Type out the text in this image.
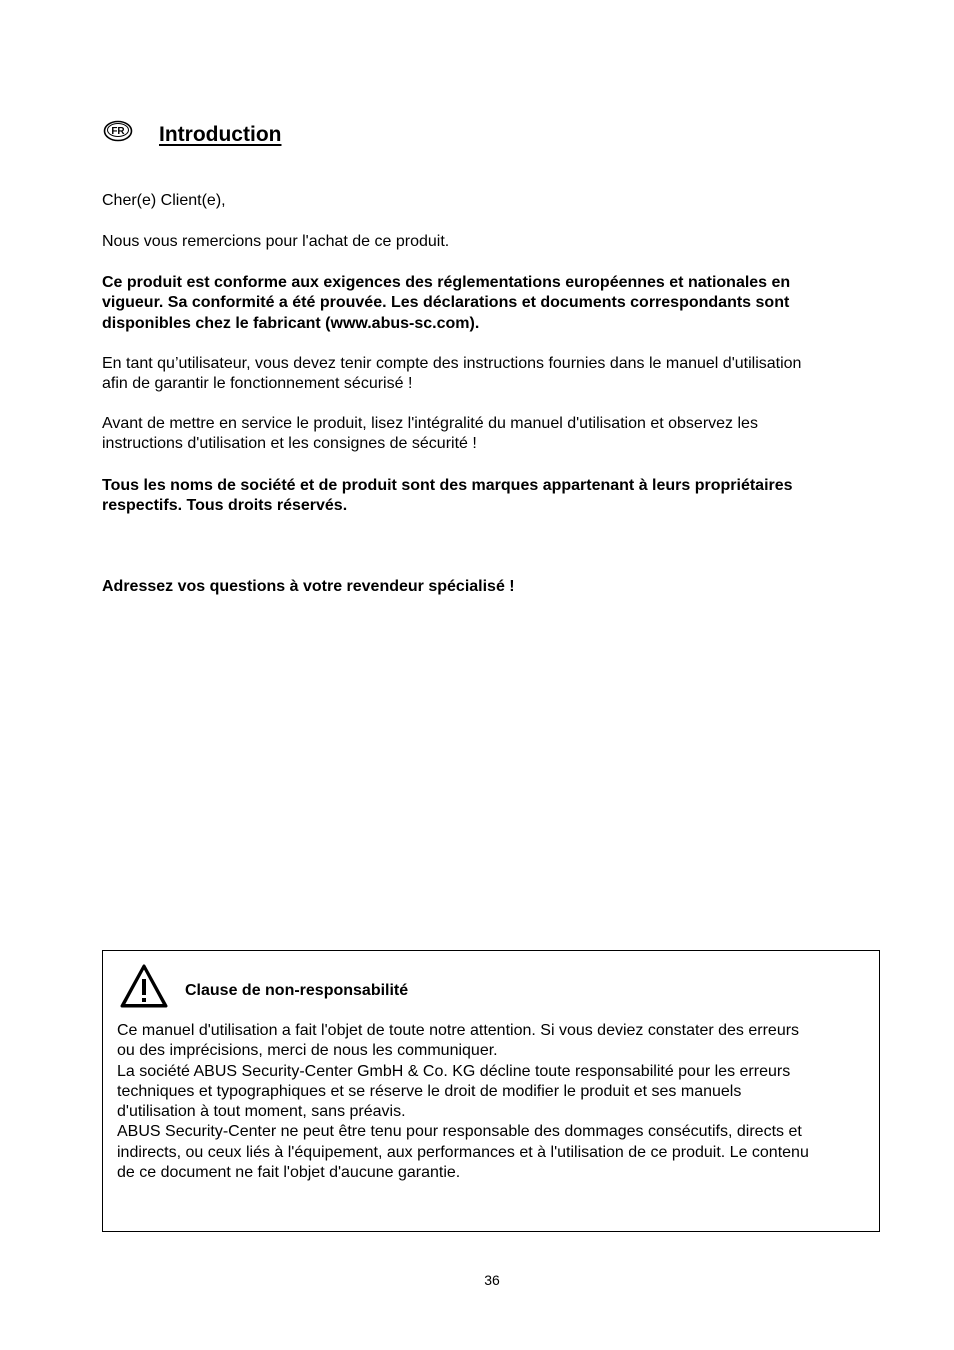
FR Introduction

Cher(e) Client(e),

Nous vous remercions pour l'achat de ce produit.

Ce produit est conforme aux exigences des réglementations européennes et nationales en
vigueur. Sa conformité a été prouvée. Les déclarations et documents correspondants sont
disponibles chez le fabricant (www.abus-sc.com).

En tant qu’utilisateur, vous devez tenir compte des instructions fournies dans le manuel d'utilisation
afin de garantir le fonctionnement sécurisé !

Avant de mettre en service le produit, lisez l'intégralité du manuel d'utilisation et observez les
instructions d'utilisation et les consignes de sécurité !

Tous les noms de société et de produit sont des marques appartenant à leurs propriétaires
respectifs. Tous droits réservés.

Adressez vos questions à votre revendeur spécialisé !

Clause de non-responsabilité
Ce manuel d'utilisation a fait l'objet de toute notre attention. Si vous deviez constater des erreurs
ou des imprécisions, merci de nous les communiquer.
La société ABUS Security-Center GmbH & Co. KG décline toute responsabilité pour les erreurs
techniques et typographiques et se réserve le droit de modifier le produit et ses manuels
d'utilisation à tout moment, sans préavis.
ABUS Security-Center ne peut être tenu pour responsable des dommages consécutifs, directs et
indirects, ou ceux liés à l'équipement, aux performances et à l'utilisation de ce produit. Le contenu
de ce document ne fait l'objet d'aucune garantie.
36
